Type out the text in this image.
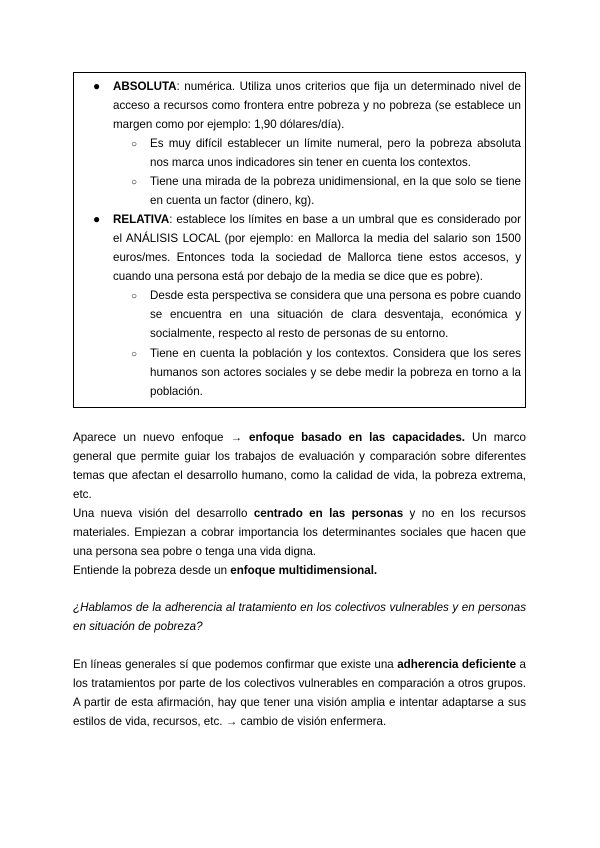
● ABSOLUTA: numérica. Utiliza unos criterios que fija un determinado nivel de acceso a recursos como frontera entre pobreza y no pobreza (se establece un margen como por ejemplo: 1,90 dólares/día).
○ Es muy difícil establecer un límite numeral, pero la pobreza absoluta nos marca unos indicadores sin tener en cuenta los contextos.
○ Tiene una mirada de la pobreza unidimensional, en la que solo se tiene en cuenta un factor (dinero, kg).
● RELATIVA: establece los límites en base a un umbral que es considerado por el ANÁLISIS LOCAL (por ejemplo: en Mallorca la media del salario son 1500 euros/mes. Entonces toda la sociedad de Mallorca tiene estos accesos, y cuando una persona está por debajo de la media se dice que es pobre).
○ Desde esta perspectiva se considera que una persona es pobre cuando se encuentra en una situación de clara desventaja, económica y socialmente, respecto al resto de personas de su entorno.
○ Tiene en cuenta la población y los contextos. Considera que los seres humanos son actores sociales y se debe medir la pobreza en torno a la población.
Aparece un nuevo enfoque → enfoque basado en las capacidades. Un marco general que permite guiar los trabajos de evaluación y comparación sobre diferentes temas que afectan el desarrollo humano, como la calidad de vida, la pobreza extrema, etc.
Una nueva visión del desarrollo centrado en las personas y no en los recursos materiales. Empiezan a cobrar importancia los determinantes sociales que hacen que una persona sea pobre o tenga una vida digna.
Entiende la pobreza desde un enfoque multidimensional.
¿Hablamos de la adherencia al tratamiento en los colectivos vulnerables y en personas en situación de pobreza?
En líneas generales sí que podemos confirmar que existe una adherencia deficiente a los tratamientos por parte de los colectivos vulnerables en comparación a otros grupos. A partir de esta afirmación, hay que tener una visión amplia e intentar adaptarse a sus estilos de vida, recursos, etc. → cambio de visión enfermera.
